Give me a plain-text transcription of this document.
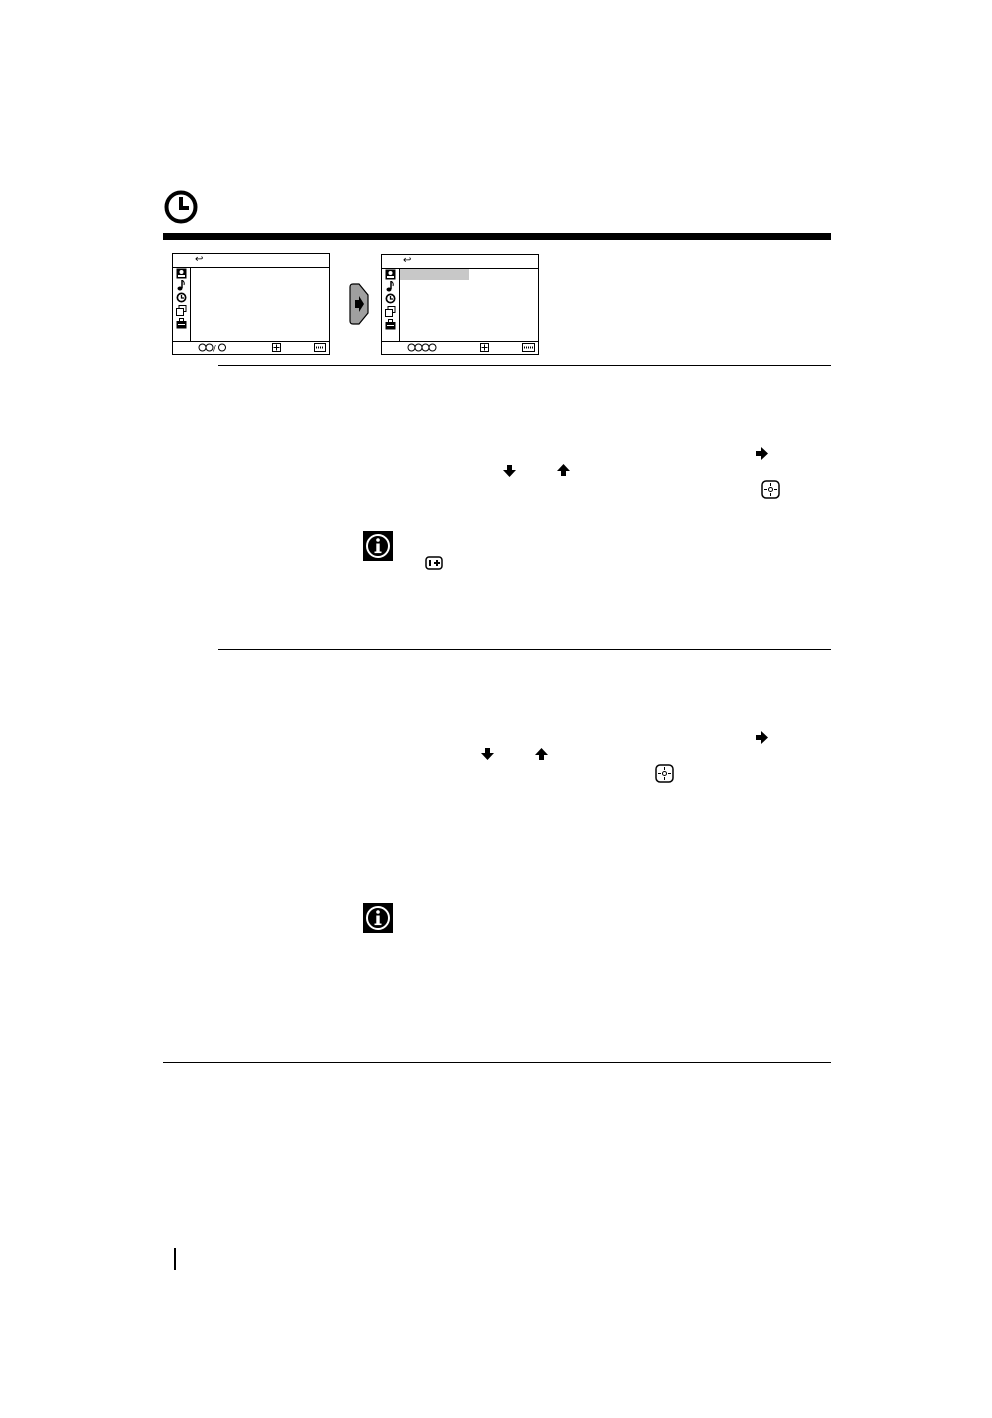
↩
/
↩
